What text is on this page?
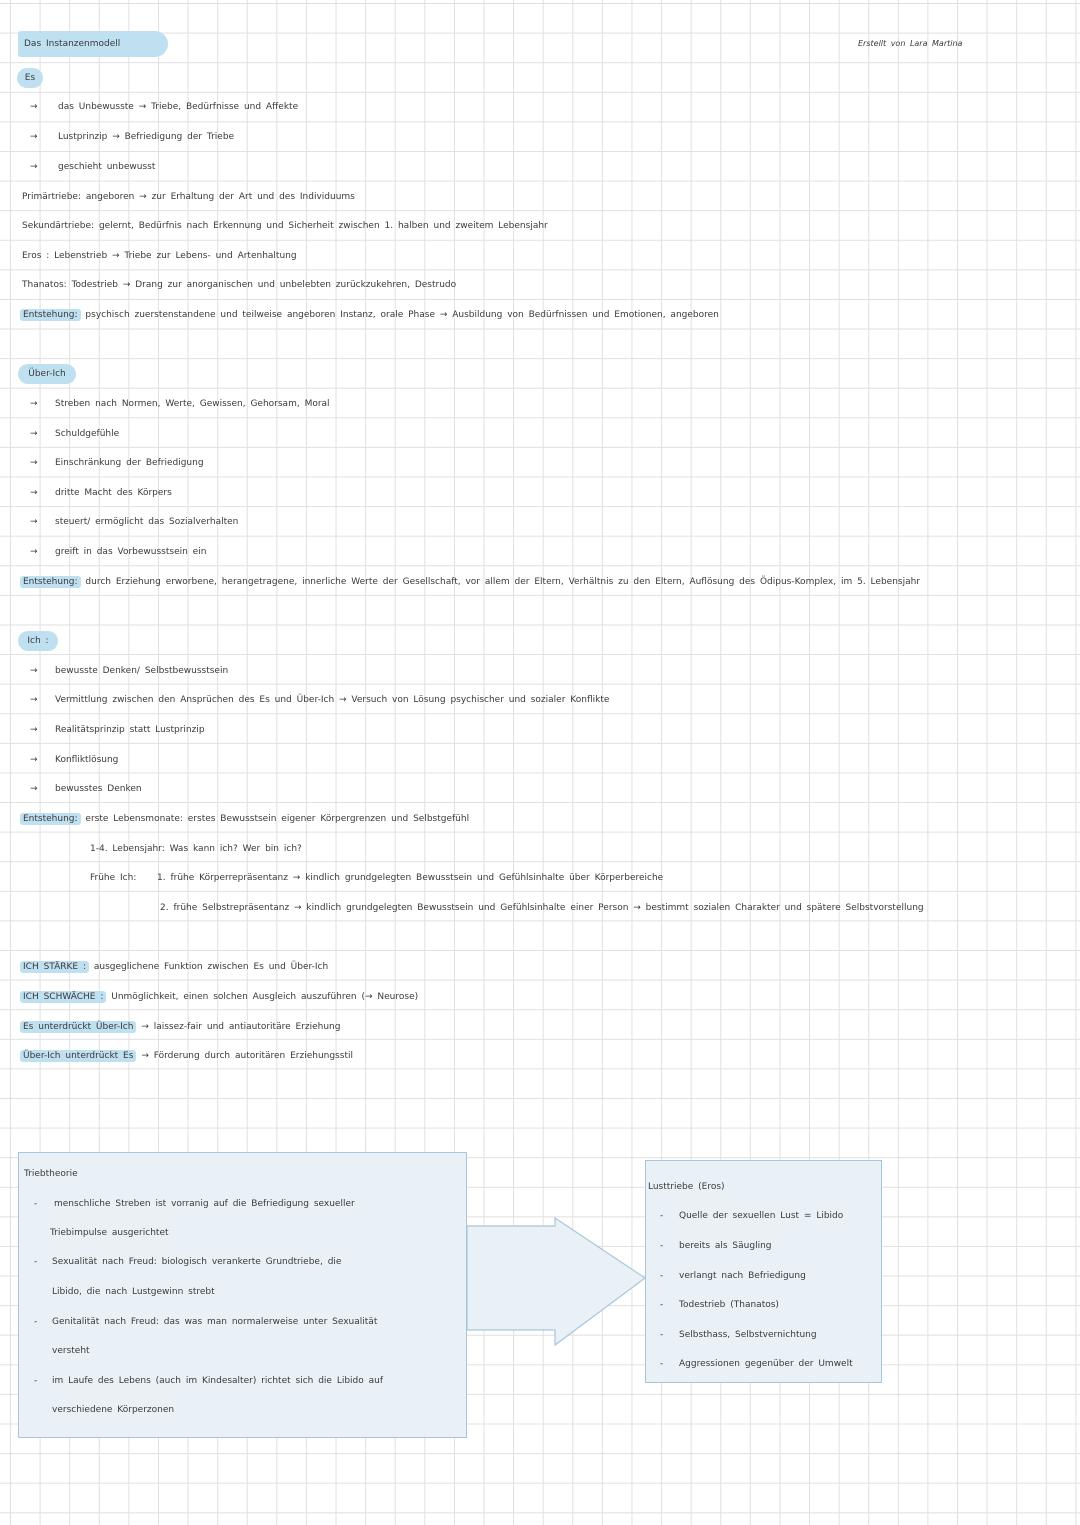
Das Instanzenmodell	Erstellt von Lara Martina
Es
→ das Unbewusste → Triebe, Bedürfnisse und Affekte
→ Lustprinzip → Befriedigung der Triebe
→ geschieht unbewusst
Primärtriebe: angeboren → zur Erhaltung der Art und des Individuums
Sekundärtriebe: gelernt, Bedürfnis nach Erkennung und Sicherheit zwischen 1. halben und zweitem Lebensjahr
Eros : Lebenstrieb → Triebe zur Lebens- und Artenhaltung
Thanatos: Todestrieb → Drang zur anorganischen und unbelebten zurückzukehren, Destrudo
Entstehung: psychisch zuerstenstandene und teilweise angeboren Instanz, orale Phase → Ausbildung von Bedürfnissen und Emotionen, angeboren
Über-Ich
→ Streben nach Normen, Werte, Gewissen, Gehorsam, Moral
→ Schuldgefühle
→ Einschränkung der Befriedigung
→ dritte Macht des Körpers
→ steuert/ ermöglicht das Sozialverhalten
→ greift in das Vorbewusstsein ein
Entstehung: durch Erziehung erworbene, herangetragene, innerliche Werte der Gesellschaft, vor allem der Eltern, Verhältnis zu den Eltern, Auflösung des Ödipus-Komplex, im 5. Lebensjahr
Ich :
→ bewusste Denken/ Selbstbewusstsein
→ Vermittlung zwischen den Ansprüchen des Es und Über-Ich → Versuch von Lösung psychischer und sozialer Konflikte
→ Realitätsprinzip statt Lustprinzip
→ Konfliktlösung
→ bewusstes Denken
Entstehung: erste Lebensmonate: erstes Bewusstsein eigener Körpergrenzen und Selbstgefühl
1-4. Lebensjahr: Was kann ich? Wer bin ich?
Frühe Ich: 1. frühe Körperrepräsentanz → kindlich grundgelegten Bewusstsein und Gefühlsinhalte über Körperbereiche
2. frühe Selbstrepräsentanz → kindlich grundgelegten Bewusstsein und Gefühlsinhalte einer Person → bestimmt sozialen Charakter und spätere Selbstvorstellung
ICH STÄRKE : ausgeglichene Funktion zwischen Es und Über-Ich
ICH SCHWÄCHE : Unmöglichkeit, einen solchen Ausgleich auszuführen (→ Neurose)
Es unterdrückt Über-Ich → laissez-fair und antiautoritäre Erziehung
Über-Ich unterdrückt Es → Förderung durch autoritären Erziehungsstil
Triebtheorie
- menschliche Streben ist vorranig auf die Befriedigung sexueller
Triebimpulse ausgerichtet
- Sexualität nach Freud: biologisch verankerte Grundtriebe, die
Libido, die nach Lustgewinn strebt
- Genitalität nach Freud: das was man normalerweise unter Sexualität
versteht
- im Laufe des Lebens (auch im Kindesalter) richtet sich die Libido auf
verschiedene Körperzonen
Lusttriebe (Eros)
- Quelle der sexuellen Lust = Libido
- bereits als Säugling
- verlangt nach Befriedigung
- Todestrieb (Thanatos)
- Selbsthass, Selbstvernichtung
- Aggressionen gegenüber der Umwelt
